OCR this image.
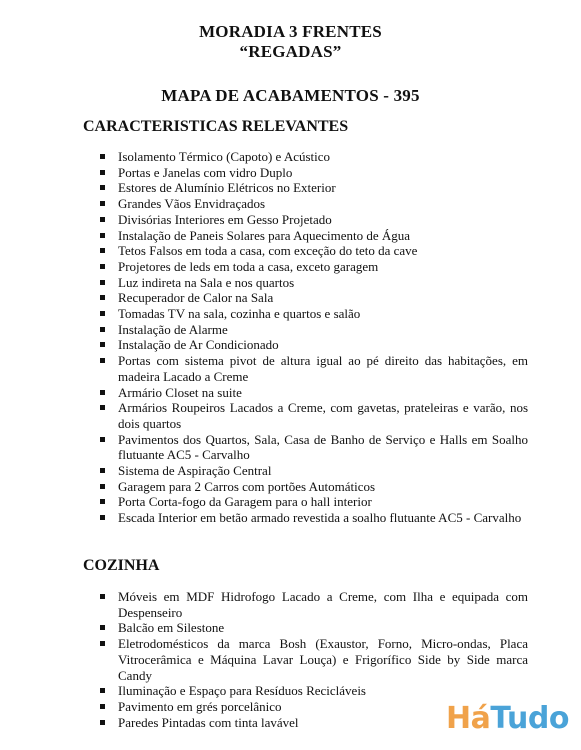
MORADIA 3 FRENTES
“REGADAS”
MAPA DE ACABAMENTOS - 395
CARACTERISTICAS RELEVANTES
Isolamento Térmico (Capoto) e Acústico
Portas e Janelas com vidro Duplo
Estores de Alumínio Elétricos no Exterior
Grandes Vãos Envidraçados
Divisórias Interiores em Gesso Projetado
Instalação de Paneis Solares para Aquecimento de Água
Tetos Falsos em toda a casa, com exceção do teto da cave
Projetores de leds em toda a casa, exceto garagem
Luz indireta na Sala e nos quartos
Recuperador de Calor na Sala
Tomadas TV na sala, cozinha e quartos e salão
Instalação de Alarme
Instalação de Ar Condicionado
Portas com sistema pivot de altura igual ao pé direito das habitações, em madeira Lacado a Creme
Armário Closet na suite
Armários Roupeiros Lacados a Creme, com gavetas, prateleiras e varão, nos dois quartos
Pavimentos dos Quartos, Sala, Casa de Banho de Serviço e Halls em Soalho flutuante AC5 - Carvalho
Sistema de Aspiração Central
Garagem para 2 Carros com portões Automáticos
Porta Corta-fogo da Garagem para o hall interior
Escada Interior em betão armado revestida a soalho flutuante AC5 - Carvalho
COZINHA
Móveis em MDF Hidrofogo Lacado a Creme, com Ilha e equipada com Despenseiro
Balcão em Silestone
Eletrodomésticos da marca Bosh (Exaustor, Forno, Micro-ondas, Placa Vitrocerâmica e Máquina Lavar Louça) e Frigorífico Side by Side marca Candy
Iluminação e Espaço para Resíduos Recicláveis
Pavimento em grés porcelânico
Paredes Pintadas com tinta lavável	HáTudo
